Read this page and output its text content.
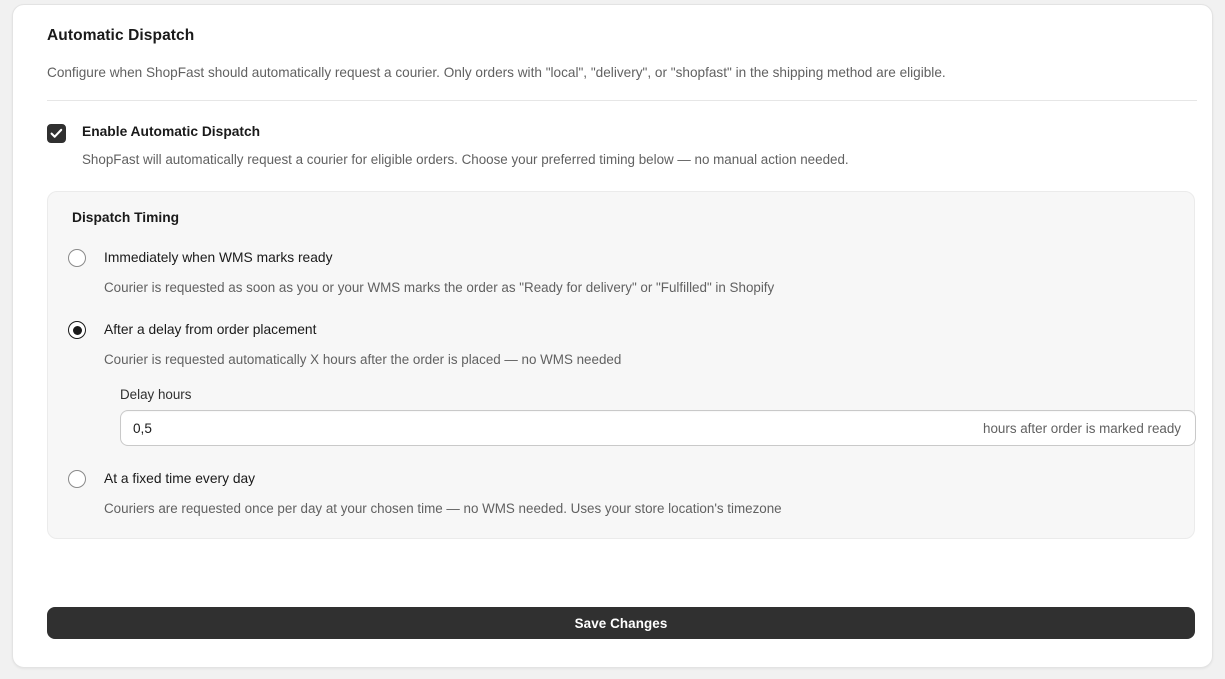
Automatic Dispatch
Configure when ShopFast should automatically request a courier. Only orders with "local", "delivery", or "shopfast" in the shipping method are eligible.
Enable Automatic Dispatch
ShopFast will automatically request a courier for eligible orders. Choose your preferred timing below — no manual action needed.
Dispatch Timing
Immediately when WMS marks ready
Courier is requested as soon as you or your WMS marks the order as "Ready for delivery" or "Fulfilled" in Shopify
After a delay from order placement
Courier is requested automatically X hours after the order is placed — no WMS needed
Delay hours
0,5
hours after order is marked ready
At a fixed time every day
Couriers are requested once per day at your chosen time — no WMS needed. Uses your store location's timezone
Save Changes
